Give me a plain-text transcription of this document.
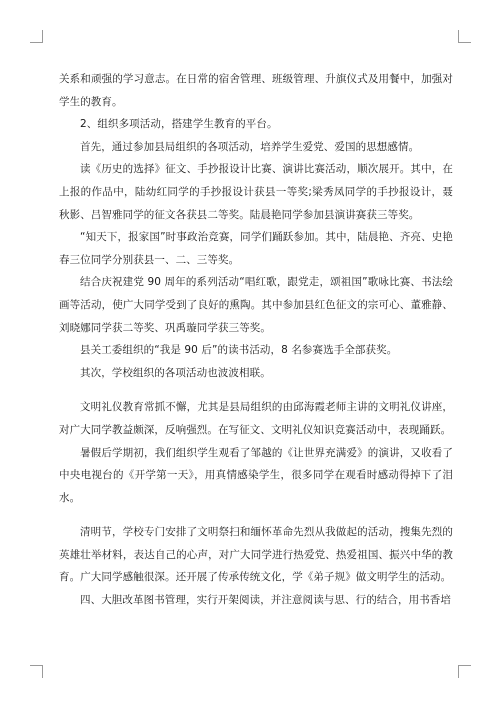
关系和顽强的学习意志。在日常的宿舍管理、班级管理、升旗仪式及用餐中，加强对学生的教育。

2、组织多项活动，搭建学生教育的平台。

首先，通过参加县局组织的各项活动，培养学生爱党、爱国的思想感情。

读《历史的选择》征文、手抄报设计比赛、演讲比赛活动，顺次展开。其中，在上报的作品中，陆幼红同学的手抄报设计获县一等奖;梁秀凤同学的手抄报设计，聂秋影、吕智雅同学的征文各获县二等奖。陆晨艳同学参加县演讲赛获三等奖。

“知天下，报家国”时事政治竞赛，同学们踊跃参加。其中，陆晨艳、齐亮、史艳春三位同学分别获县一、二、三等奖。

结合庆祝建党 90 周年的系列活动“唱红歌，跟党走，颂祖国”歌咏比赛、书法绘画等活动，使广大同学受到了良好的熏陶。其中参加县红色征文的宗可心、董雅静、刘晓娜同学获二等奖、巩禹璇同学获三等奖。

县关工委组织的“我是 90 后”的读书活动，8 名参赛选手全部获奖。

其次，学校组织的各项活动也波波相联。

文明礼仪教育常抓不懈，尤其是县局组织的由邱海霞老师主讲的文明礼仪讲座，对广大同学教益颇深，反响强烈。在写征文、文明礼仪知识竞赛活动中，表现踊跃。

暑假后学期初，我们组织学生观看了邹越的《让世界充满爱》的演讲，又收看了中央电视台的《开学第一天》，用真情感染学生，很多同学在观看时感动得掉下了泪水。

清明节，学校专门安排了文明祭扫和缅怀革命先烈从我做起的活动，搜集先烈的英雄壮举材料，表达自己的心声，对广大同学进行热爱党、热爱祖国、振兴中华的教育。广大同学感触很深。还开展了传承传统文化，学《弟子规》做文明学生的活动。

四、大胆改革图书管理，实行开架阅读，并注意阅读与思、行的结合，用书香培
